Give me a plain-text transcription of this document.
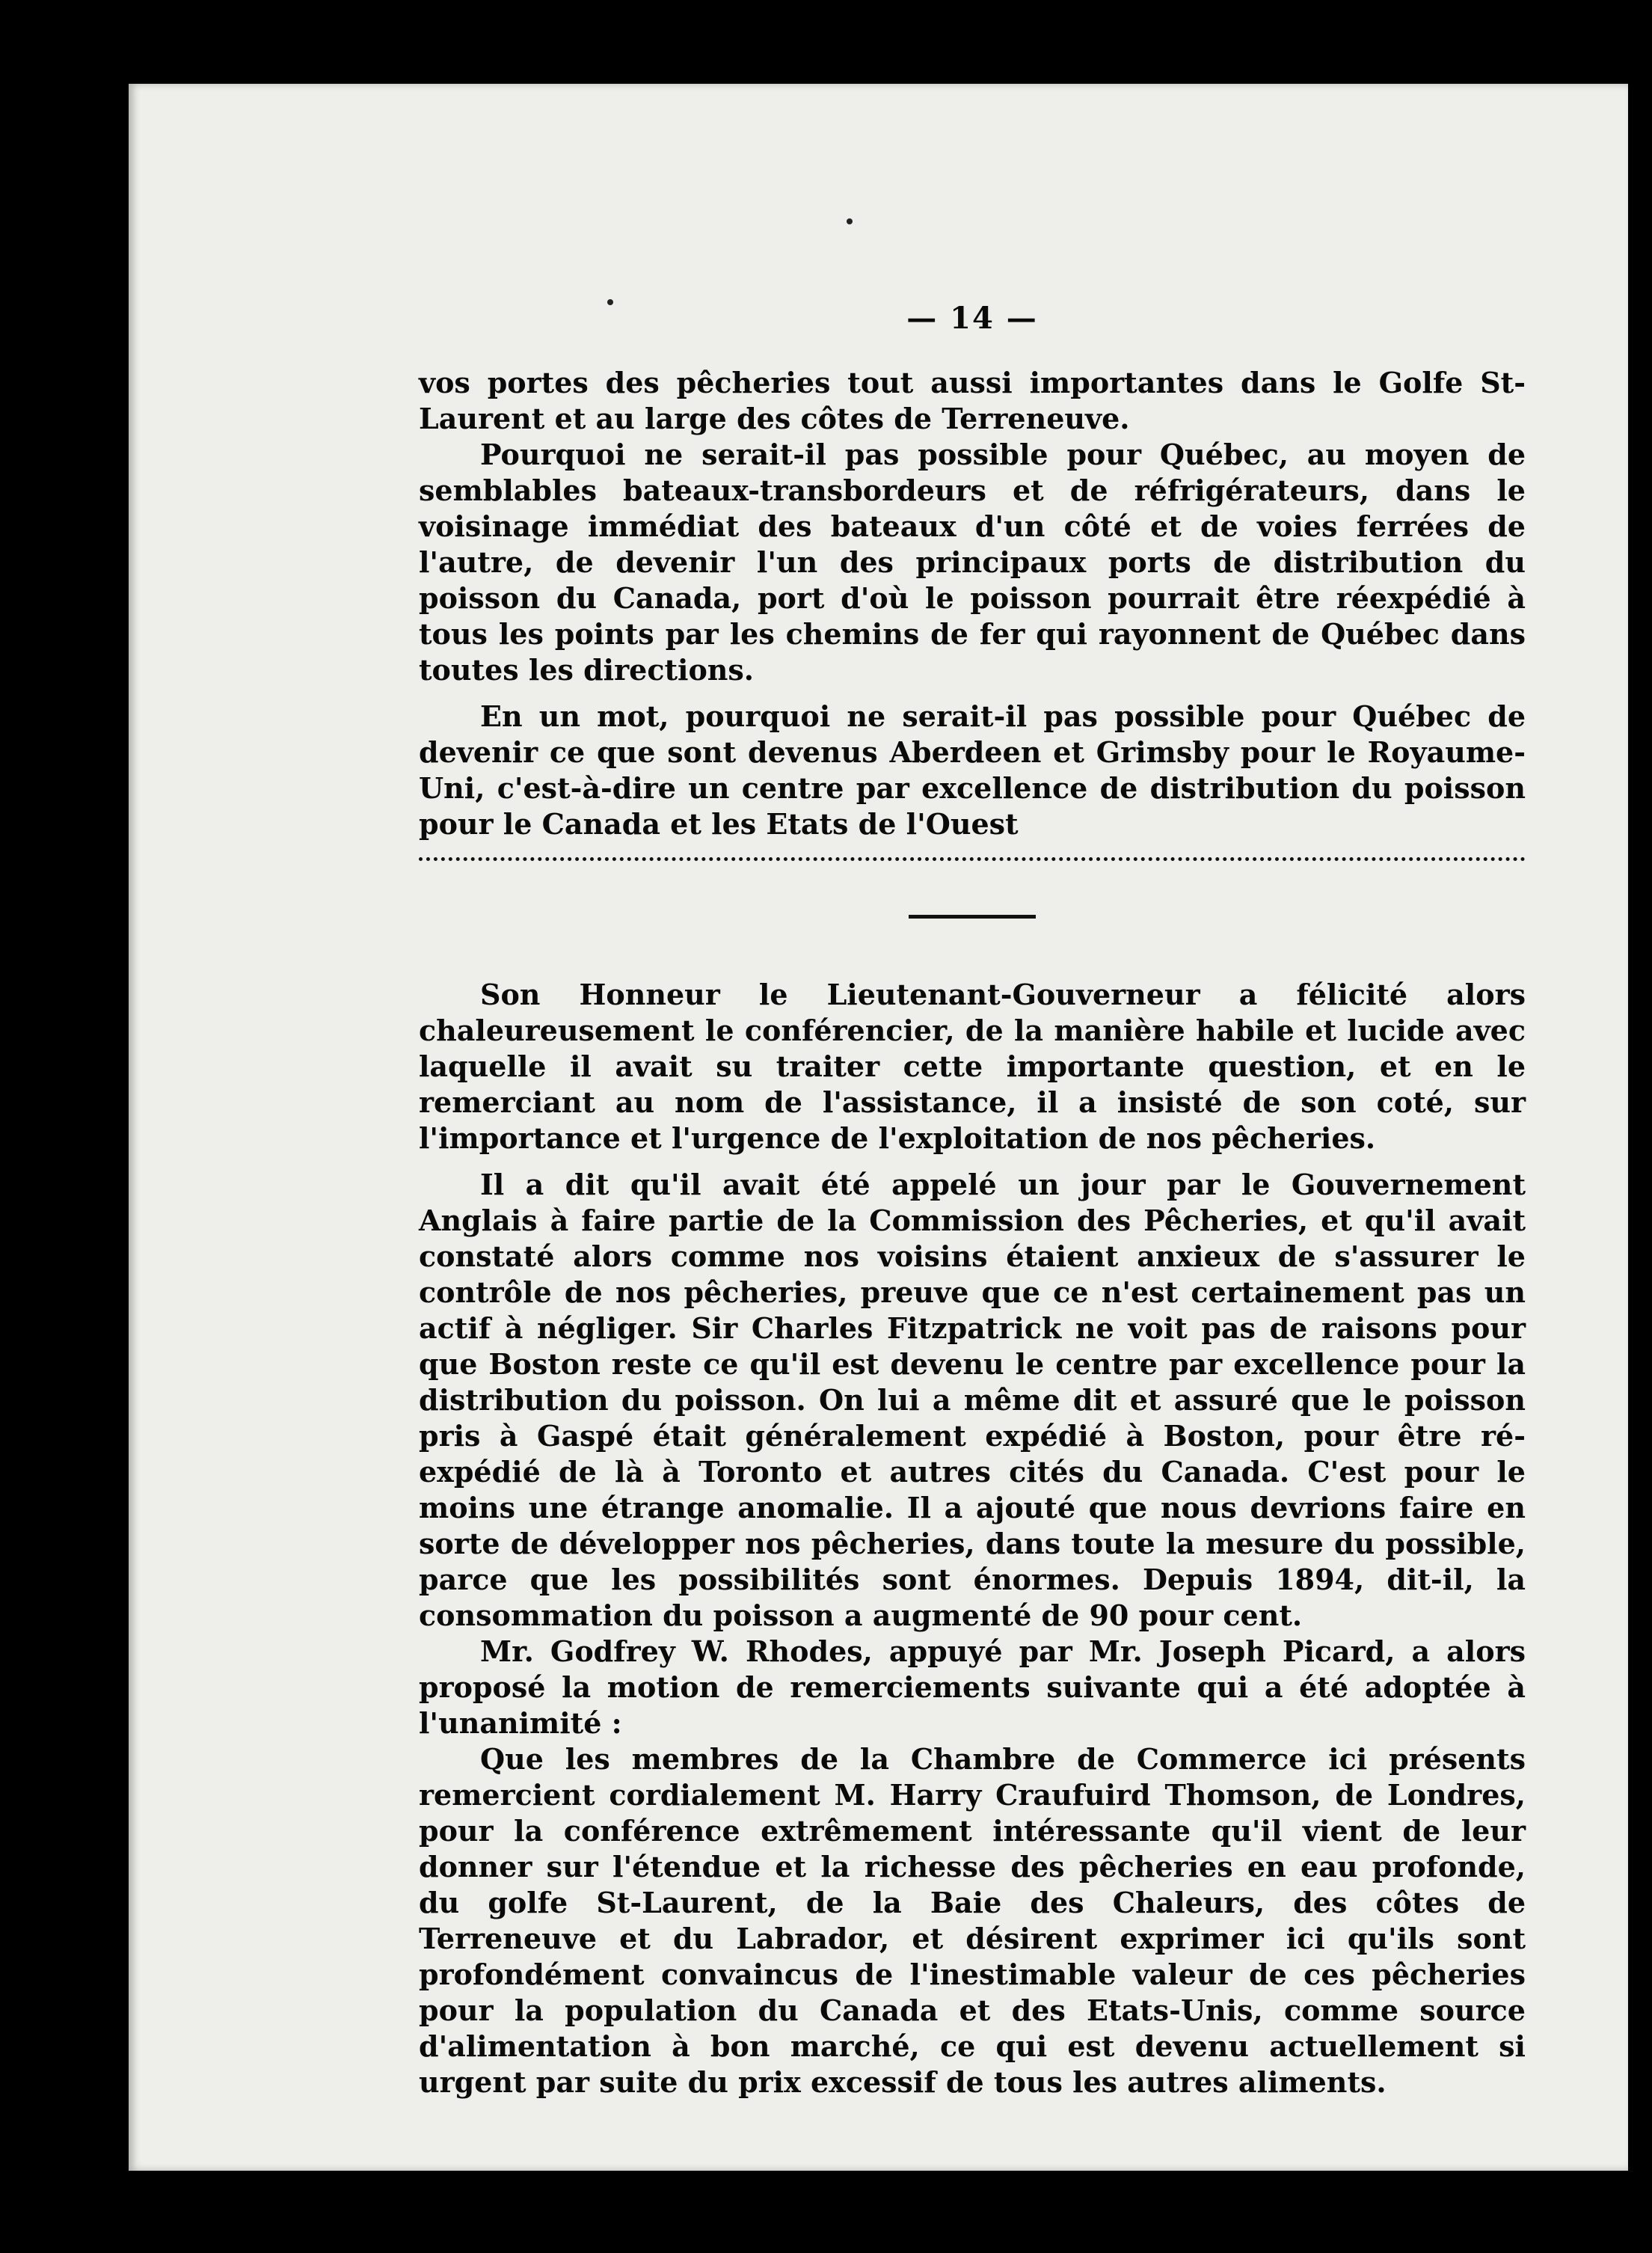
— 14 —

vos portes des pêcheries tout aussi importantes dans le Golfe St-Laurent et au large des côtes de Terreneuve.

Pourquoi ne serait-il pas possible pour Québec, au moyen de semblables bateaux-transbordeurs et de réfrigérateurs, dans le voisinage immédiat des bateaux d'un côté et de voies ferrées de l'autre, de devenir l'un des principaux ports de distribution du poisson du Canada, port d'où le poisson pourrait être réexpédié à tous les points par les chemins de fer qui rayonnent de Québec dans toutes les directions.

En un mot, pourquoi ne serait-il pas possible pour Québec de devenir ce que sont devenus Aberdeen et Grimsby pour le Royaume-Uni, c'est-à-dire un centre par excellence de distribution du poisson pour le Canada et les Etats de l'Ouest

Son Honneur le Lieutenant-Gouverneur a félicité alors chaleureusement le conférencier, de la manière habile et lucide avec laquelle il avait su traiter cette importante question, et en le remerciant au nom de l'assistance, il a insisté de son coté, sur l'importance et l'urgence de l'exploitation de nos pêcheries.

Il a dit qu'il avait été appelé un jour par le Gouvernement Anglais à faire partie de la Commission des Pêcheries, et qu'il avait constaté alors comme nos voisins étaient anxieux de s'assurer le contrôle de nos pêcheries, preuve que ce n'est certainement pas un actif à négliger. Sir Charles Fitzpatrick ne voit pas de raisons pour que Boston reste ce qu'il est devenu le centre par excellence pour la distribution du poisson. On lui a même dit et assuré que le poisson pris à Gaspé était généralement expédié à Boston, pour être ré-expédié de là à Toronto et autres cités du Canada. C'est pour le moins une étrange anomalie. Il a ajouté que nous devrions faire en sorte de développer nos pêcheries, dans toute la mesure du possible, parce que les possibilités sont énormes. Depuis 1894, dit-il, la consommation du poisson a augmenté de 90 pour cent.

Mr. Godfrey W. Rhodes, appuyé par Mr. Joseph Picard, a alors proposé la motion de remerciements suivante qui a été adoptée à l'unanimité :

Que les membres de la Chambre de Commerce ici présents remercient cordialement M. Harry Craufuird Thomson, de Londres, pour la conférence extrêmement intéressante qu'il vient de leur donner sur l'étendue et la richesse des pêcheries en eau profonde, du golfe St-Laurent, de la Baie des Chaleurs, des côtes de Terreneuve et du Labrador, et désirent exprimer ici qu'ils sont profondément convaincus de l'inestimable valeur de ces pêcheries pour la population du Canada et des Etats-Unis, comme source d'alimentation à bon marché, ce qui est devenu actuellement si urgent par suite du prix excessif de tous les autres aliments.
